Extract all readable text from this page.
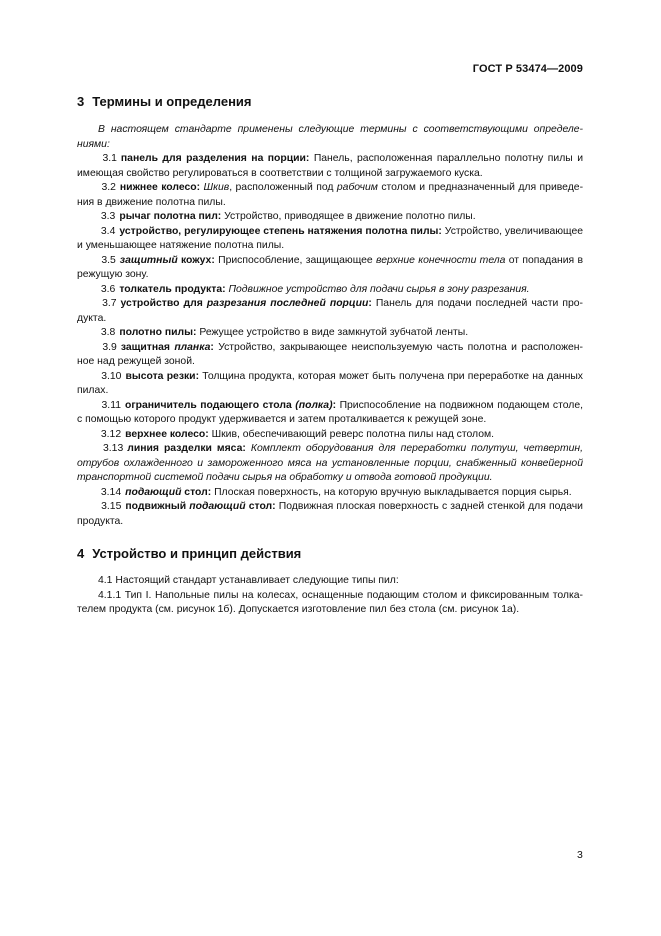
ГОСТ Р 53474—2009
3 Термины и определения

В настоящем стандарте применены следующие термины с соответствующими определениями:

3.1 панель для разделения на порции: Панель, расположенная параллельно полотну пилы и имеющая свойство регулироваться в соответствии с толщиной загружаемого куска.

3.2 нижнее колесо: Шкив, расположенный под рабочим столом и предназначенный для приведения в движение полотна пилы.

3.3 рычаг полотна пил: Устройство, приводящее в движение полотно пилы.

3.4 устройство, регулирующее степень натяжения полотна пилы: Устройство, увеличивающее и уменьшающее натяжение полотна пилы.

3.5 защитный кожух: Приспособление, защищающее верхние конечности тела от попадания в режущую зону.

3.6 толкатель продукта: Подвижное устройство для подачи сырья в зону разрезания.

3.7 устройство для разрезания последней порции: Панель для подачи последней части продукта.

3.8 полотно пилы: Режущее устройство в виде замкнутой зубчатой ленты.

3.9 защитная планка: Устройство, закрывающее неиспользуемую часть полотна и расположенное над режущей зоной.

3.10 высота резки: Толщина продукта, которая может быть получена при переработке на данных пилах.

3.11 ограничитель подающего стола (полка): Приспособление на подвижном подающем столе, с помощью которого продукт удерживается и затем проталкивается к режущей зоне.

3.12 верхнее колесо: Шкив, обеспечивающий реверс полотна пилы над столом.

3.13 линия разделки мяса: Комплект оборудования для переработки полутуш, четвертин, отрубов охлажденного и замороженного мяса на установленные порции, снабженный конвейерной транспортной системой подачи сырья на обработку и отвода готовой продукции.

3.14 подающий стол: Плоская поверхность, на которую вручную выкладывается порция сырья.

3.15 подвижный подающий стол: Подвижная плоская поверхность с задней стенкой для подачи продукта.

4 Устройство и принцип действия

4.1 Настоящий стандарт устанавливает следующие типы пил:

4.1.1 Тип I. Напольные пилы на колесах, оснащенные подающим столом и фиксированным толкателем продукта (см. рисунок 1б). Допускается изготовление пил без стола (см. рисунок 1а).

3
